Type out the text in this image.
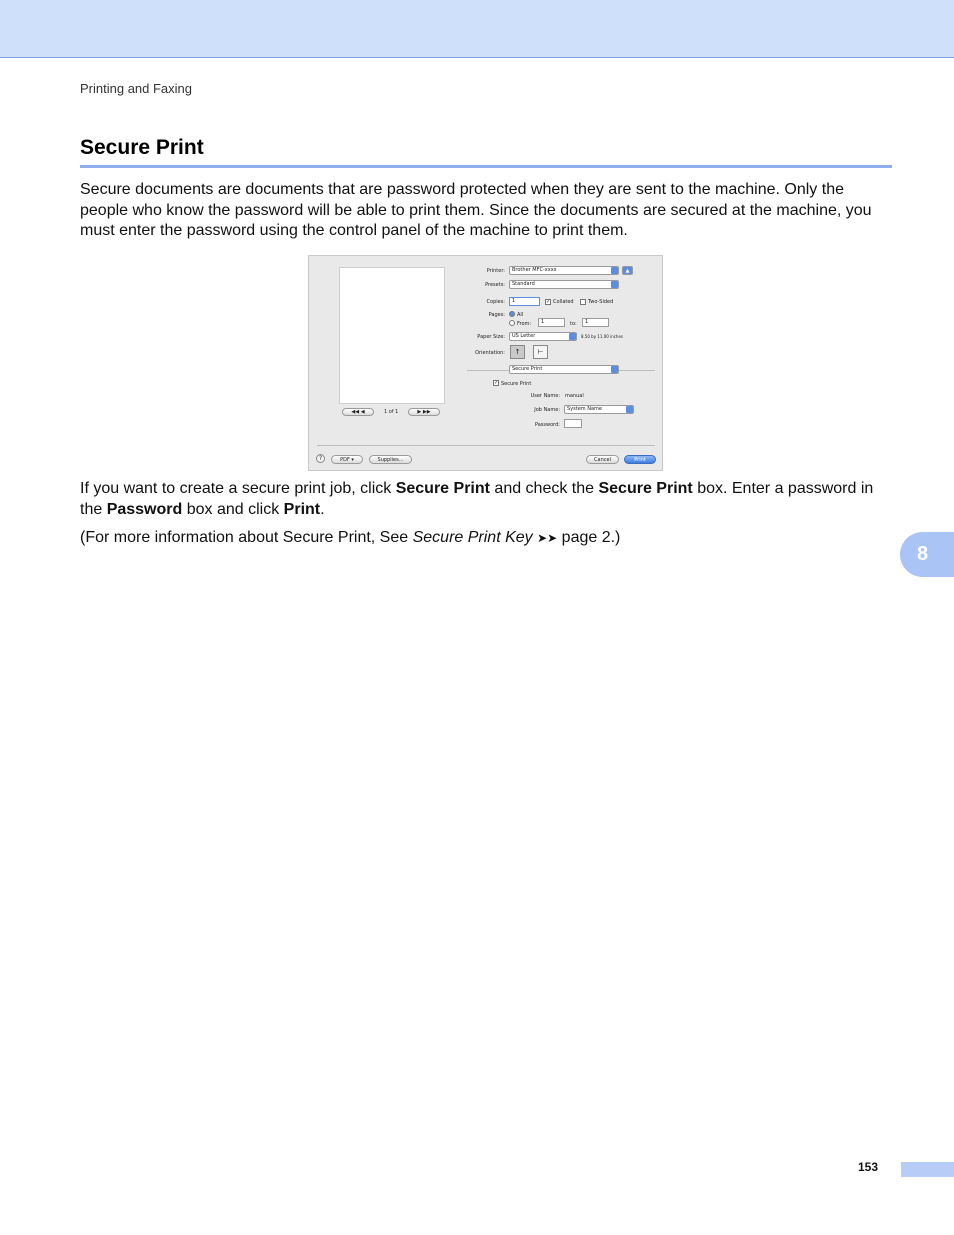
Printing and Faxing
Secure Print

Secure documents are documents that are password protected when they are sent to the machine. Only the people who know the password will be able to print them. Since the documents are secured at the machine, you must enter the password using the control panel of the machine to print them.

◀◀
◀	1 of 1	▶
▶▶
Printer:	Brother MFC-xxxx	▲
Presets:	Standard
Copies:	1	✓ Collated	Two-Sided
Pages: All
From:	1	to:	1
Paper Size:	US Letter	8.50 by 11.00 inches
Orientation:	↑	⊢
Secure Print
✓ Secure Print
User Name: manual
Job Name:	System Name
Password:
?	PDF ▾	Supplies...	Cancel	Print

If you want to create a secure print job, click Secure Print and check the Secure Print box. Enter a password in the Password box and click Print.

(For more information about Secure Print, See Secure Print Key ➤➤ page 2.)

8
153
